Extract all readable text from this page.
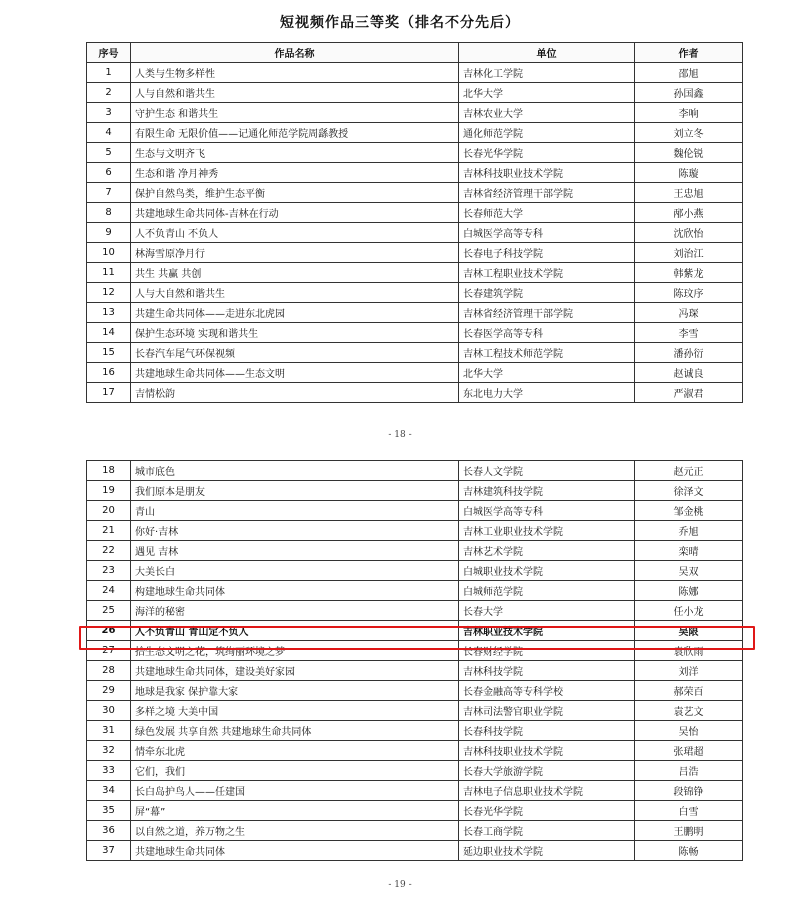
短视频作品三等奖（排名不分先后）
序号	作品名称	单位	作者
1	人类与生物多样性	吉林化工学院	邵旭
2	人与自然和谐共生	北华大学	孙国鑫
3	守护生态 和谐共生	吉林农业大学	李响
4	有限生命 无限价值——记通化师范学院周繇教授	通化师范学院	刘立冬
5	生态与文明齐飞	长春光华学院	魏伦锐
6	生态和谐 净月神秀	吉林科技职业技术学院	陈璇
7	保护自然鸟类，维护生态平衡	吉林省经济管理干部学院	王忠旭
8	共建地球生命共同体-吉林在行动	长春师范大学	邴小燕
9	人不负青山 不负人	白城医学高等专科	沈欣怡
10	林海雪原净月行	长春电子科技学院	刘治江
11	共生 共赢 共创	吉林工程职业技术学院	韩紫龙
12	人与大自然和谐共生	长春建筑学院	陈玟序
13	共建生命共同体——走进东北虎园	吉林省经济管理干部学院	冯琛
14	保护生态环境 实现和谐共生	长春医学高等专科	李雪
15	长春汽车尾气环保视频	吉林工程技术师范学院	潘孙衍
16	共建地球生命共同体——生态文明	北华大学	赵诚良
17	吉情松韵	东北电力大学	严淑君
- 18 -
18	城市底色	长春人文学院	赵元正
19	我们原本是朋友	吉林建筑科技学院	徐泽文
20	青山	白城医学高等专科	邹金桃
21	你好·吉林	吉林工业职业技术学院	乔旭
22	遇见 吉林	吉林艺术学院	栾晴
23	大美长白	白城职业技术学院	吴双
24	构建地球生命共同体	白城师范学院	陈娜
25	海洋的秘密	长春大学	任小龙
26	人不负青山 青山定不负人	吉林职业技术学院	吴限
27	拾生态文明之花，筑绚丽环境之梦	长春财经学院	袁欣雨
28	共建地球生命共同体，建设美好家园	吉林科技学院	刘洋
29	地球是我家 保护靠大家	长春金融高等专科学校	郝荣百
30	多样之境 大美中国	吉林司法警官职业学院	袁艺文
31	绿色发展 共享自然 共建地球生命共同体	长春科技学院	吴怡
32	情牵东北虎	吉林科技职业技术学院	张珺超
33	它们，我们	长春大学旅游学院	吕浩
34	长白岛护鸟人——任建国	吉林电子信息职业技术学院	段锦铮
35	屏“幕”	长春光华学院	白雪
36	以自然之道，养万物之生	长春工商学院	王鹏明
37	共建地球生命共同体	延边职业技术学院	陈畅
- 19 -
